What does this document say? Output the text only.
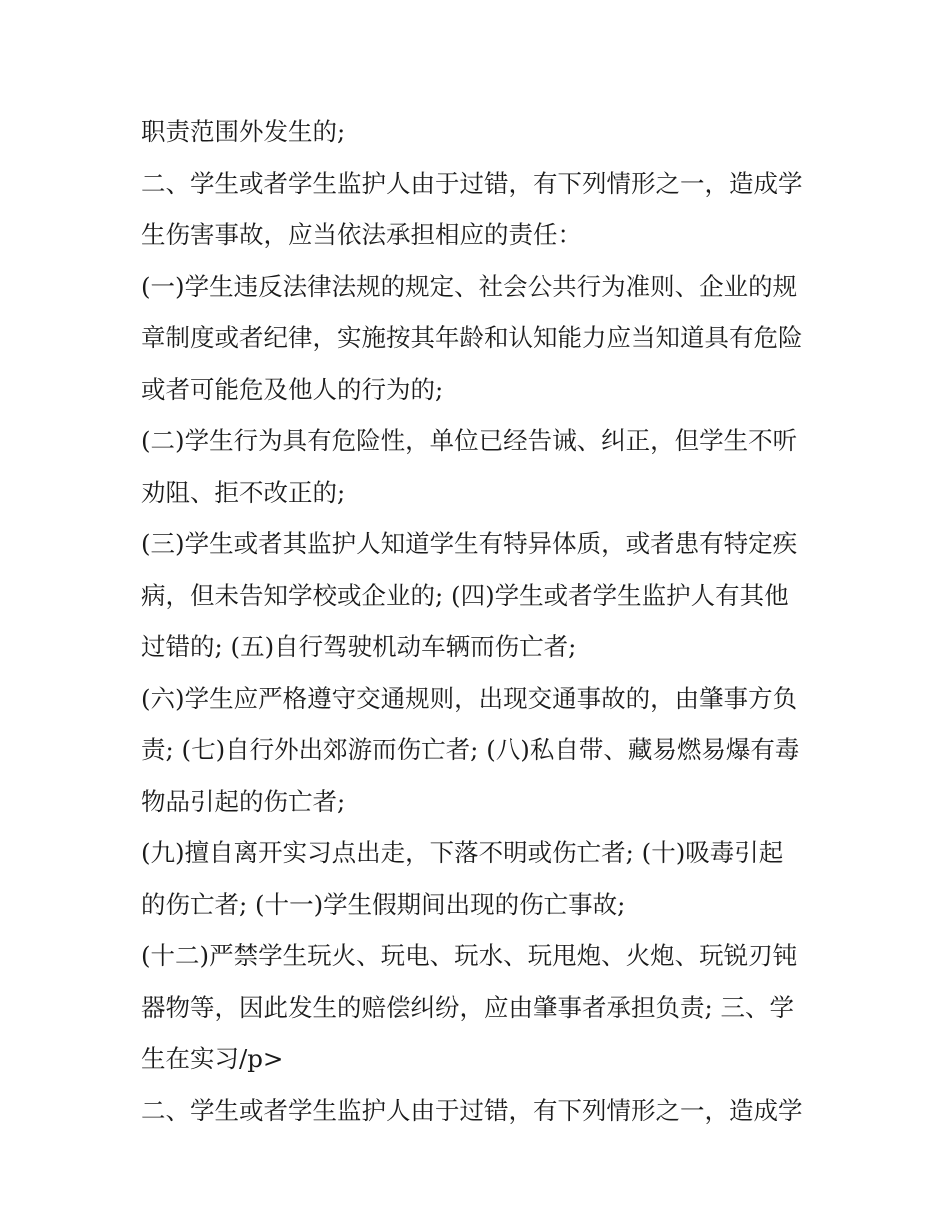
职责范围外发生的;
二、学生或者学生监护人由于过错，有下列情形之一，造成学
生伤害事故，应当依法承担相应的责任：
(一)学生违反法律法规的规定、社会公共行为准则、企业的规
章制度或者纪律，实施按其年龄和认知能力应当知道具有危险
或者可能危及他人的行为的;
(二)学生行为具有危险性，单位已经告诫、纠正，但学生不听
劝阻、拒不改正的;
(三)学生或者其监护人知道学生有特异体质，或者患有特定疾
病，但未告知学校或企业的; (四)学生或者学生监护人有其他
过错的; (五)自行驾驶机动车辆而伤亡者;
(六)学生应严格遵守交通规则，出现交通事故的，由肇事方负
责; (七)自行外出郊游而伤亡者; (八)私自带、藏易燃易爆有毒
物品引起的伤亡者;
(九)擅自离开实习点出走，下落不明或伤亡者; (十)吸毒引起
的伤亡者; (十一)学生假期间出现的伤亡事故;
(十二)严禁学生玩火、玩电、玩水、玩甩炮、火炮、玩锐刃钝
器物等，因此发生的赔偿纠纷，应由肇事者承担负责; 三、学
生在实习/p>
二、学生或者学生监护人由于过错，有下列情形之一，造成学
